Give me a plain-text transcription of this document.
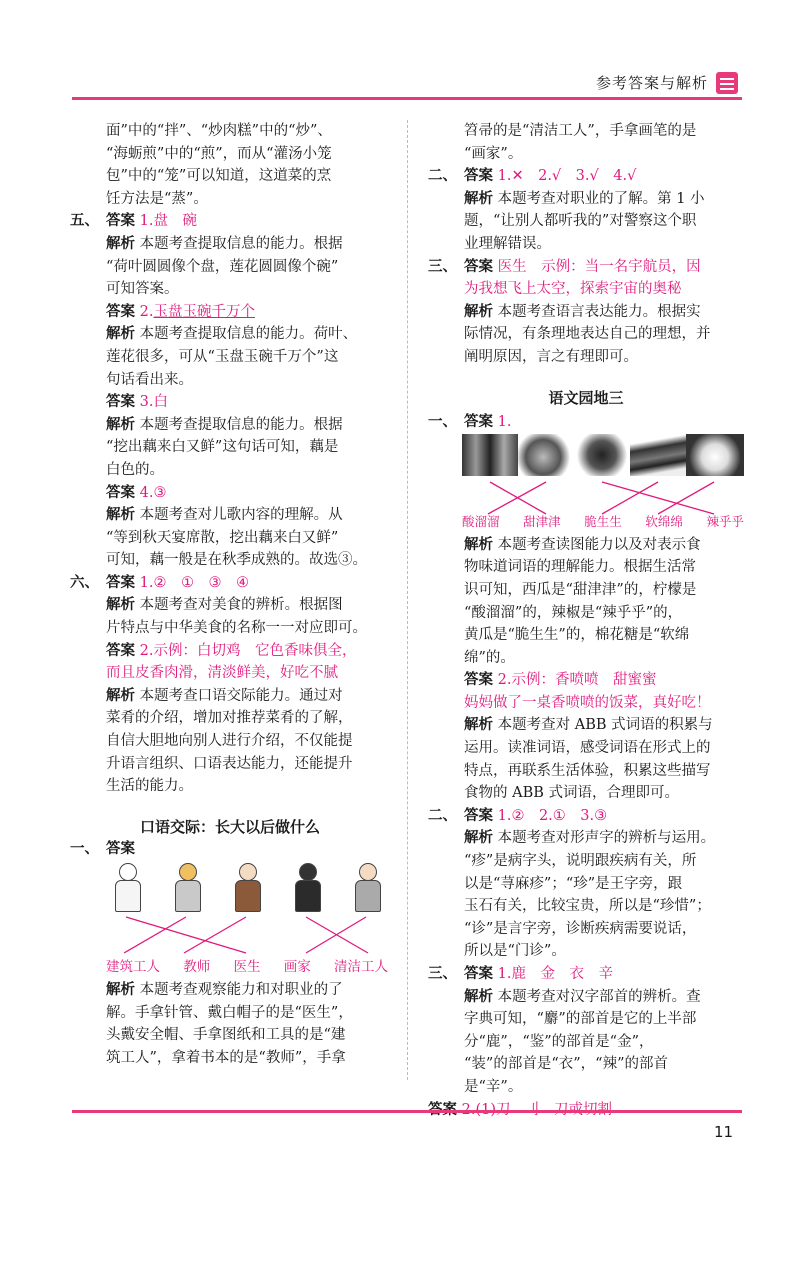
参考答案与解析

面”中的“拌”、“炒肉糕”中的“炒”、

“海蛎煎”中的“煎”，而从“灌汤小笼

包”中的“笼”可以知道，这道菜的烹

饪方法是“蒸”。

五、 答案 1.盘　碗

解析 本题考查提取信息的能力。根据

“荷叶圆圆像个盘，莲花圆圆像个碗”

可知答案。

答案 2.玉盘玉碗千万个

解析 本题考查提取信息的能力。荷叶、

莲花很多，可从“玉盘玉碗千万个”这

句话看出来。

答案 3.白

解析 本题考查提取信息的能力。根据

“挖出藕来白又鲜”这句话可知，藕是

白色的。

答案 4.③

解析 本题考查对儿歌内容的理解。从

“等到秋天宴席散，挖出藕来白又鲜”

可知，藕一般是在秋季成熟的。故选③。

六、 答案 1.②　①　③　④

解析 本题考查对美食的辨析。根据图

片特点与中华美食的名称一一对应即可。

答案 2.示例：白切鸡　它色香味俱全，

而且皮香肉滑，清淡鲜美，好吃不腻

解析 本题考查口语交际能力。通过对

菜肴的介绍，增加对推荐菜肴的了解，

自信大胆地向别人进行介绍，不仅能提

升语言组织、口语表达能力，还能提升

生活的能力。

口语交际：长大以后做什么

一、 答案

建筑工人 教师 医生 画家 清洁工人

解析 本题考查观察能力和对职业的了

解。手拿针管、戴白帽子的是“医生”，

头戴安全帽、手拿图纸和工具的是“建

筑工人”，拿着书本的是“教师”，手拿

笤帚的是“清洁工人”，手拿画笔的是

“画家”。

二、 答案 1.✕　2.√　3.√　4.√

解析 本题考查对职业的了解。第 1 小

题，“让别人都听我的”对警察这个职

业理解错误。

三、 答案 医生　示例：当一名宇航员，因

为我想飞上太空，探索宇宙的奥秘

解析 本题考查语言表达能力。根据实

际情况，有条理地表达自己的理想，并

阐明原因，言之有理即可。

语文园地三

一、 答案 1.

酸溜溜 甜津津 脆生生 软绵绵 辣乎乎

解析 本题考查读图能力以及对表示食

物味道词语的理解能力。根据生活常

识可知，西瓜是“甜津津”的，柠檬是

“酸溜溜”的，辣椒是“辣乎乎”的，

黄瓜是“脆生生”的，棉花糖是“软绵

绵”的。

答案 2.示例：香喷喷　甜蜜蜜

妈妈做了一桌香喷喷的饭菜，真好吃！

解析 本题考查对 ABB 式词语的积累与

运用。读准词语，感受词语在形式上的

特点，再联系生活体验，积累这些描写

食物的 ABB 式词语，合理即可。

二、 答案 1.②　2.①　3.③

解析 本题考查对形声字的辨析与运用。

“疹”是病字头，说明跟疾病有关，所

以是“荨麻疹”；“珍”是王字旁，跟

玉石有关，比较宝贵，所以是“珍惜”；

“诊”是言字旁，诊断疾病需要说话，

所以是“门诊”。

三、 答案 1.鹿　金　衣　辛

解析 本题考查对汉字部首的辨析。查

字典可知，“麝”的部首是它的上半部

分“鹿”，“鉴”的部首是“金”，

“装”的部首是“衣”，“辣”的部首

是“辛”。

11
